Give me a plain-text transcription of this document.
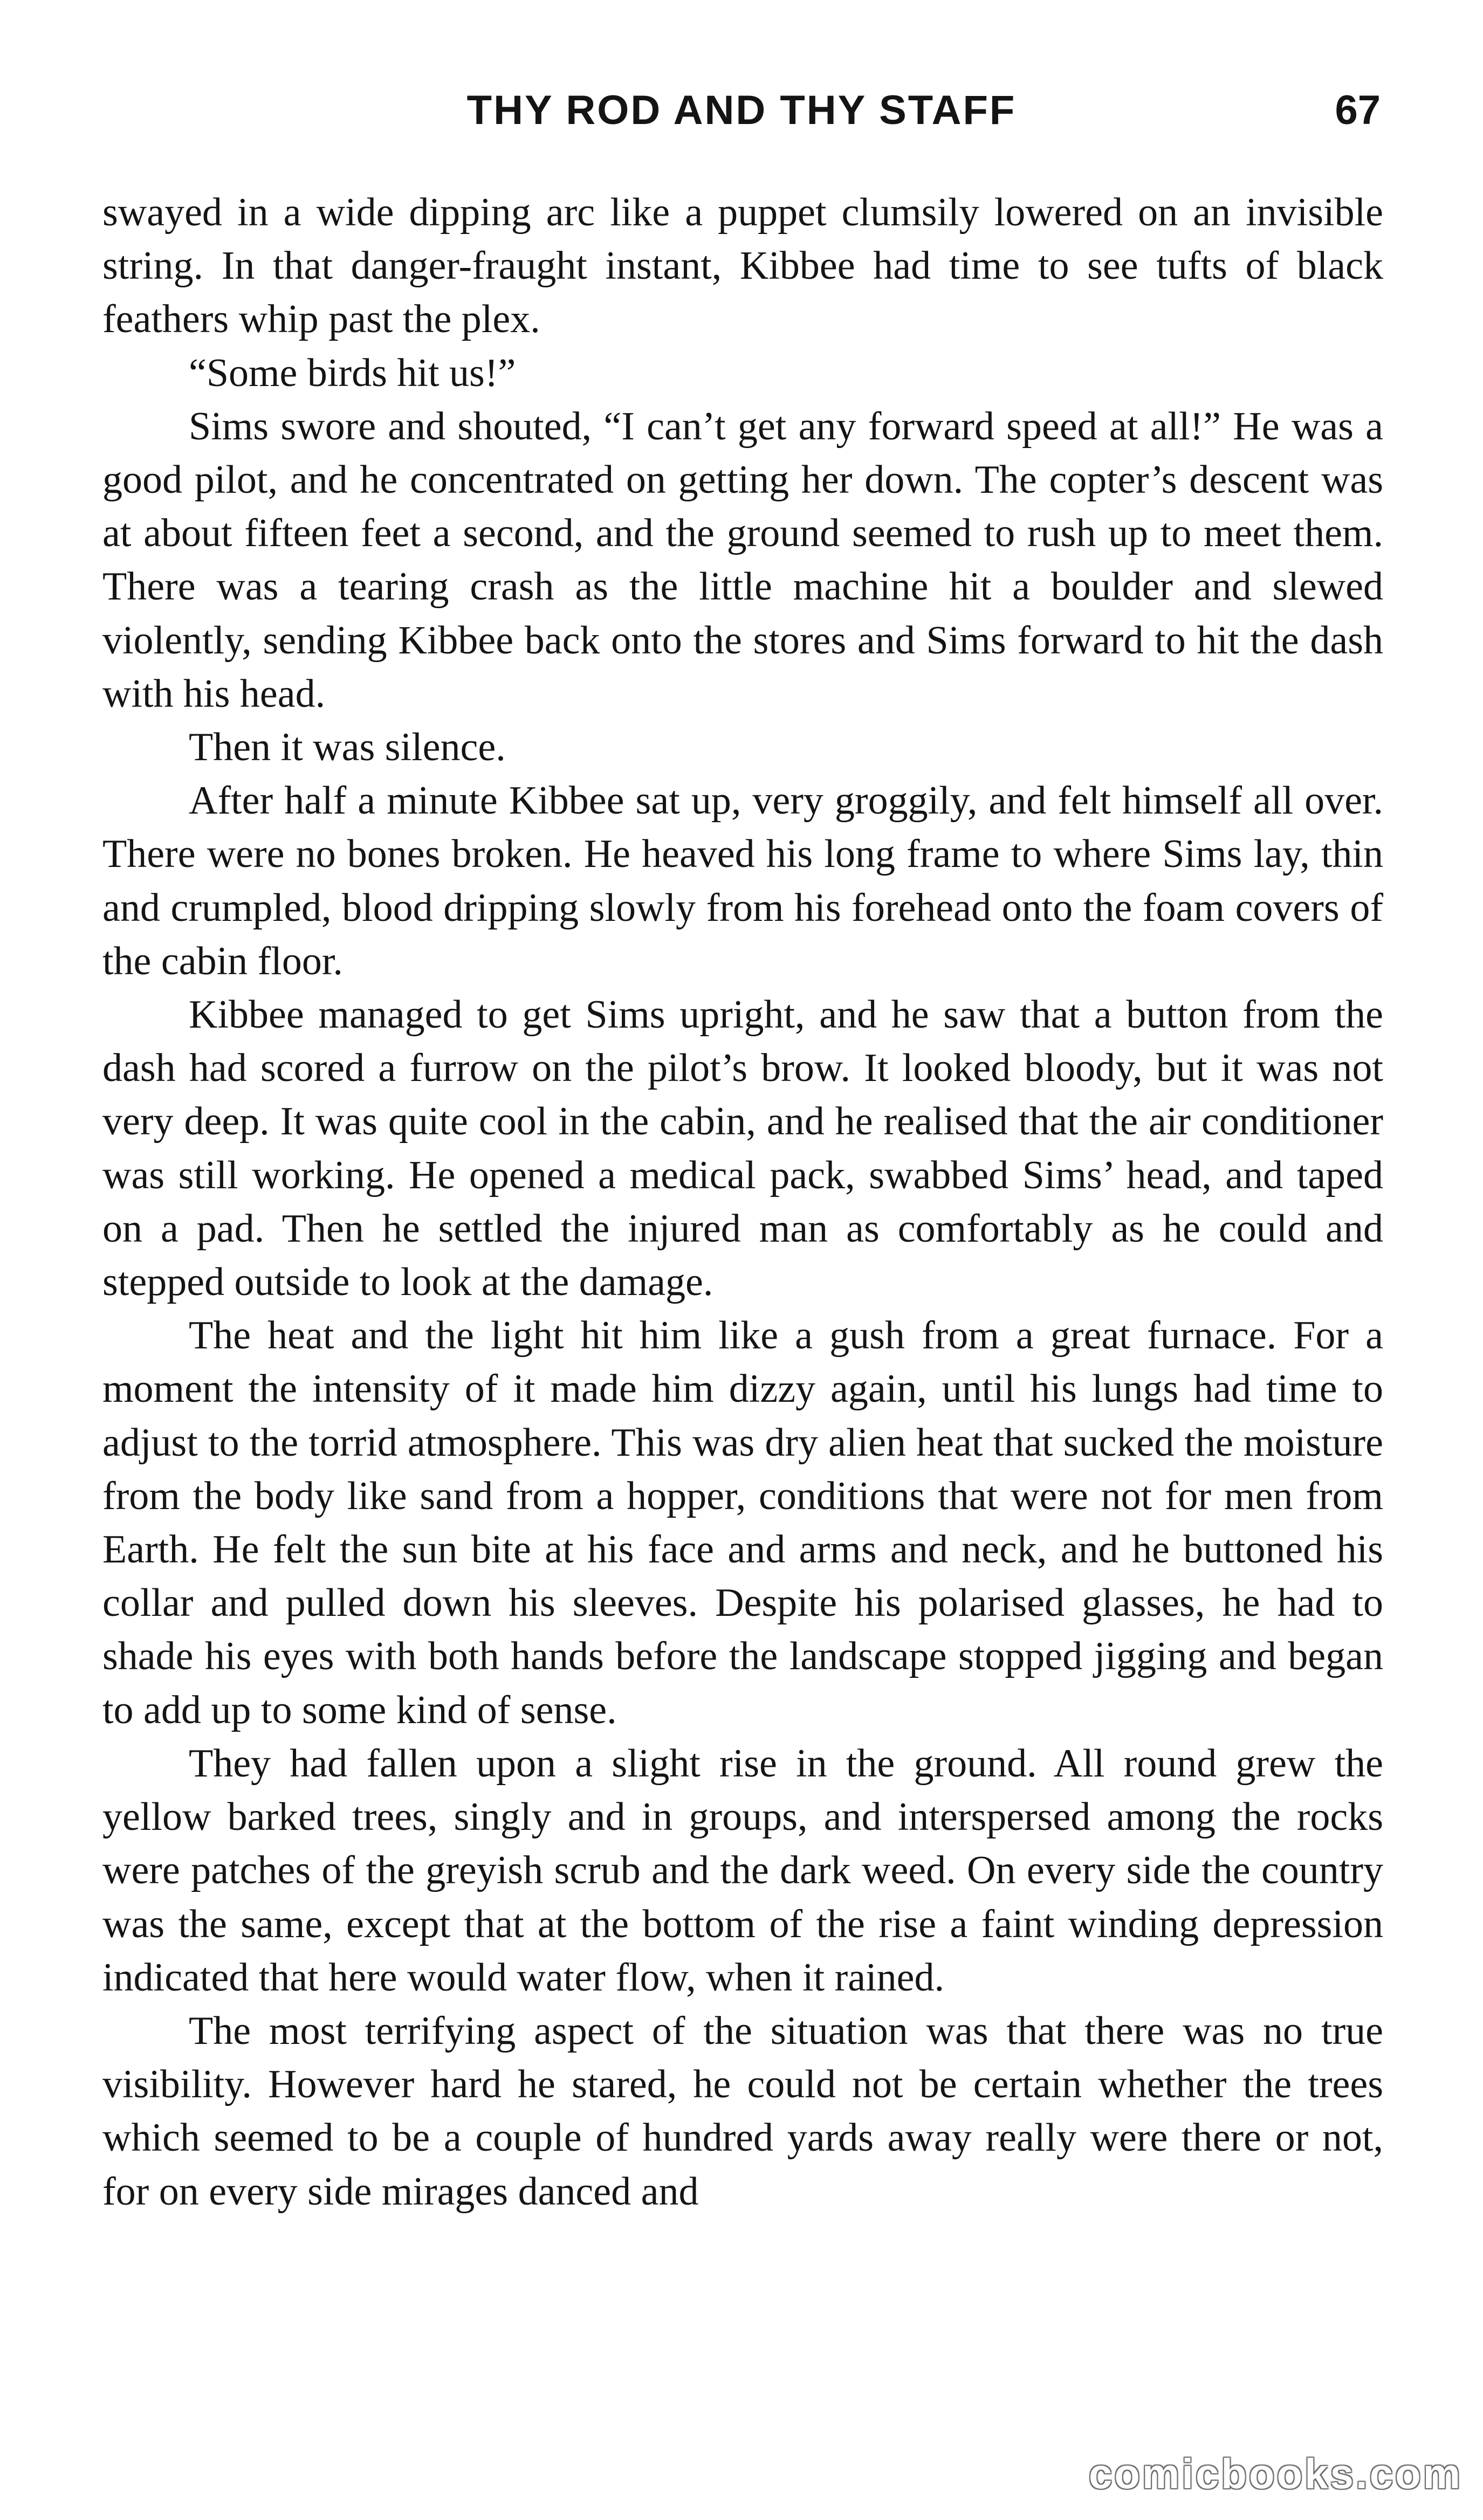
THY ROD AND THY STAFF	67

swayed in a wide dipping arc like a puppet clumsily lowered on an invisible string. In that danger-fraught instant, Kibbee had time to see tufts of black feathers whip past the plex.

“Some birds hit us!”

Sims swore and shouted, “I can’t get any forward speed at all!” He was a good pilot, and he concentrated on getting her down. The copter’s descent was at about fifteen feet a second, and the ground seemed to rush up to meet them. There was a tearing crash as the little machine hit a boulder and slewed violently, sending Kibbee back onto the stores and Sims forward to hit the dash with his head.

Then it was silence.

After half a minute Kibbee sat up, very groggily, and felt himself all over. There were no bones broken. He heaved his long frame to where Sims lay, thin and crumpled, blood dripping slowly from his forehead onto the foam covers of the cabin floor.

Kibbee managed to get Sims upright, and he saw that a button from the dash had scored a furrow on the pilot’s brow. It looked bloody, but it was not very deep. It was quite cool in the cabin, and he realised that the air conditioner was still working. He opened a medical pack, swabbed Sims’ head, and taped on a pad. Then he settled the injured man as comfortably as he could and stepped outside to look at the damage.

The heat and the light hit him like a gush from a great furnace. For a moment the intensity of it made him dizzy again, until his lungs had time to adjust to the torrid atmosphere. This was dry alien heat that sucked the moisture from the body like sand from a hopper, conditions that were not for men from Earth. He felt the sun bite at his face and arms and neck, and he buttoned his collar and pulled down his sleeves. Despite his polarised glasses, he had to shade his eyes with both hands before the landscape stopped jigging and began to add up to some kind of sense.

They had fallen upon a slight rise in the ground. All round grew the yellow barked trees, singly and in groups, and interspersed among the rocks were patches of the greyish scrub and the dark weed. On every side the country was the same, except that at the bottom of the rise a faint winding depression indicated that here would water flow, when it rained.

The most terrifying aspect of the situation was that there was no true visibility. However hard he stared, he could not be certain whether the trees which seemed to be a couple of hundred yards away really were there or not, for on every side mirages danced and

comicbooks.com
